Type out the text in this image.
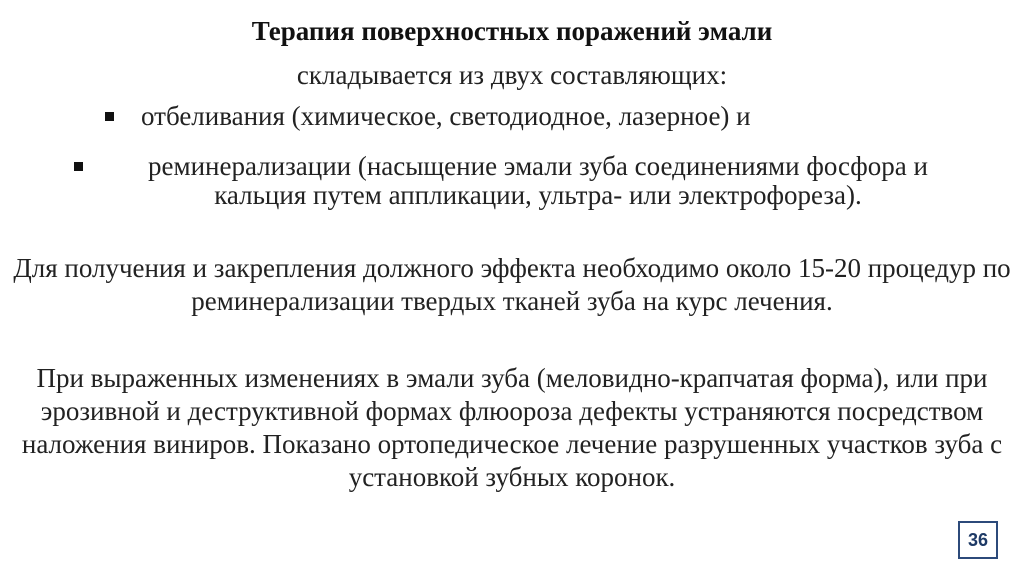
Терапия поверхностных поражений эмали
складывается из двух составляющих:
отбеливания (химическое, светодиодное, лазерное) и
реминерализации (насыщение эмали зуба соединениями фосфора и кальция путем аппликации, ультра- или электрофореза).
Для получения и закрепления должного эффекта необходимо около 15-20 процедур по реминерализации твердых тканей зуба на курс лечения.
При выраженных изменениях в эмали зуба (меловидно-крапчатая форма), или при эрозивной и деструктивной формах флюороза дефекты устраняются посредством наложения виниров. Показано ортопедическое лечение разрушенных участков зуба с установкой зубных коронок.
36
